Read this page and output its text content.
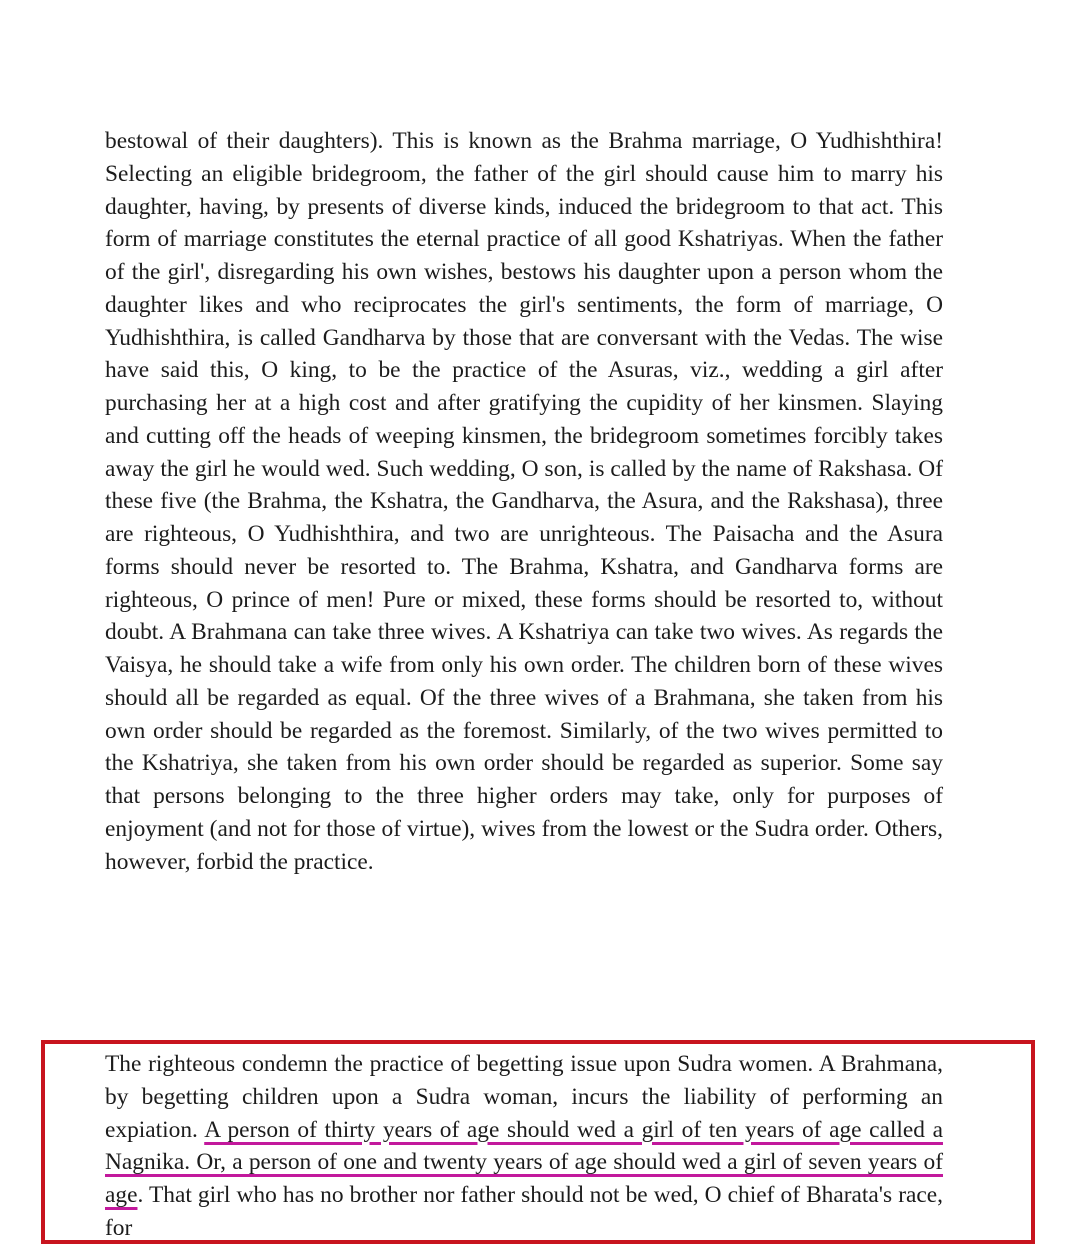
bestowal of their daughters). This is known as the Brahma marriage, O Yudhishthira! Selecting an eligible bridegroom, the father of the girl should cause him to marry his daughter, having, by presents of diverse kinds, induced the bridegroom to that act. This form of marriage constitutes the eternal practice of all good Kshatriyas. When the father of the girl', disregarding his own wishes, bestows his daughter upon a person whom the daughter likes and who reciprocates the girl's sentiments, the form of marriage, O Yudhishthira, is called Gandharva by those that are conversant with the Vedas. The wise have said this, O king, to be the practice of the Asuras, viz., wedding a girl after purchasing her at a high cost and after gratifying the cupidity of her kinsmen. Slaying and cutting off the heads of weeping kinsmen, the bridegroom sometimes forcibly takes away the girl he would wed. Such wedding, O son, is called by the name of Rakshasa. Of these five (the Brahma, the Kshatra, the Gandharva, the Asura, and the Rakshasa), three are righteous, O Yudhishthira, and two are unrighteous. The Paisacha and the Asura forms should never be resorted to. The Brahma, Kshatra, and Gandharva forms are righteous, O prince of men! Pure or mixed, these forms should be resorted to, without doubt. A Brahmana can take three wives. A Kshatriya can take two wives. As regards the Vaisya, he should take a wife from only his own order. The children born of these wives should all be regarded as equal. Of the three wives of a Brahmana, she taken from his own order should be regarded as the foremost. Similarly, of the two wives permitted to the Kshatriya, she taken from his own order should be regarded as superior. Some say that persons belonging to the three higher orders may take, only for purposes of enjoyment (and not for those of virtue), wives from the lowest or the Sudra order. Others, however, forbid the practice.

The righteous condemn the practice of begetting issue upon Sudra women. A Brahmana, by begetting children upon a Sudra woman, incurs the liability of performing an expiation. A person of thirty years of age should wed a girl of ten years of age called a Nagnika. Or, a person of one and twenty years of age should wed a girl of seven years of age. That girl who has no brother nor father should not be wed, O chief of Bharata's race, for
